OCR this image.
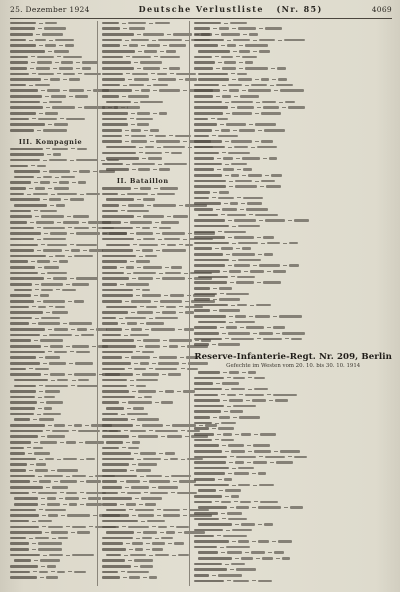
25. Dezember 1924	Deutsche Verlustliste (Nr. 85)	4069
III. Kompagnie
II. Bataillon
Reserve-Infanterie-Regt. Nr. 209, Berlin
Gefechte im Westen vom 20. 10. bis 30. 10. 1914
